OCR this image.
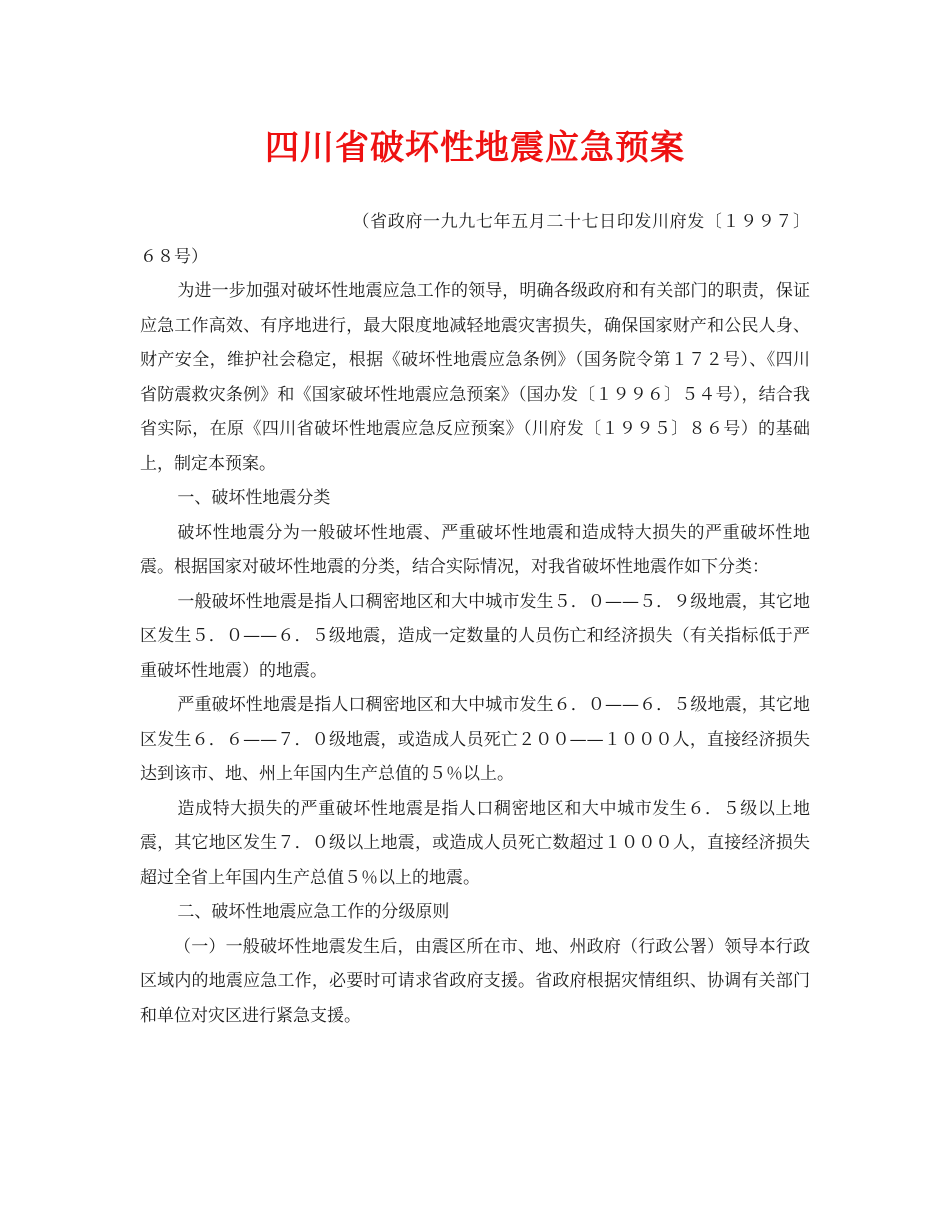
四川省破坏性地震应急预案

（省政府一九九七年五月二十七日印发川府发〔１９９７〕６８号）

为进一步加强对破坏性地震应急工作的领导，明确各级政府和有关部门的职责，保证应急工作高效、有序地进行，最大限度地减轻地震灾害损失，确保国家财产和公民人身、财产安全，维护社会稳定，根据《破坏性地震应急条例》（国务院令第１７２号）、《四川省防震救灾条例》和《国家破坏性地震应急预案》（国办发〔１９９６〕５４号），结合我省实际，在原《四川省破坏性地震应急反应预案》（川府发〔１９９５〕８６号）的基础上，制定本预案。

一、破坏性地震分类

破坏性地震分为一般破坏性地震、严重破坏性地震和造成特大损失的严重破坏性地震。根据国家对破坏性地震的分类，结合实际情况，对我省破坏性地震作如下分类：

一般破坏性地震是指人口稠密地区和大中城市发生５．０——５．９级地震，其它地区发生５．０——６．５级地震，造成一定数量的人员伤亡和经济损失（有关指标低于严重破坏性地震）的地震。

严重破坏性地震是指人口稠密地区和大中城市发生６．０——６．５级地震，其它地区发生６．６——７．０级地震，或造成人员死亡２００——１０００人，直接经济损失达到该市、地、州上年国内生产总值的５％以上。

造成特大损失的严重破坏性地震是指人口稠密地区和大中城市发生６．５级以上地震，其它地区发生７．０级以上地震，或造成人员死亡数超过１０００人，直接经济损失超过全省上年国内生产总值５％以上的地震。

二、破坏性地震应急工作的分级原则

（一）一般破坏性地震发生后，由震区所在市、地、州政府（行政公署）领导本行政区域内的地震应急工作，必要时可请求省政府支援。省政府根据灾情组织、协调有关部门和单位对灾区进行紧急支援。
